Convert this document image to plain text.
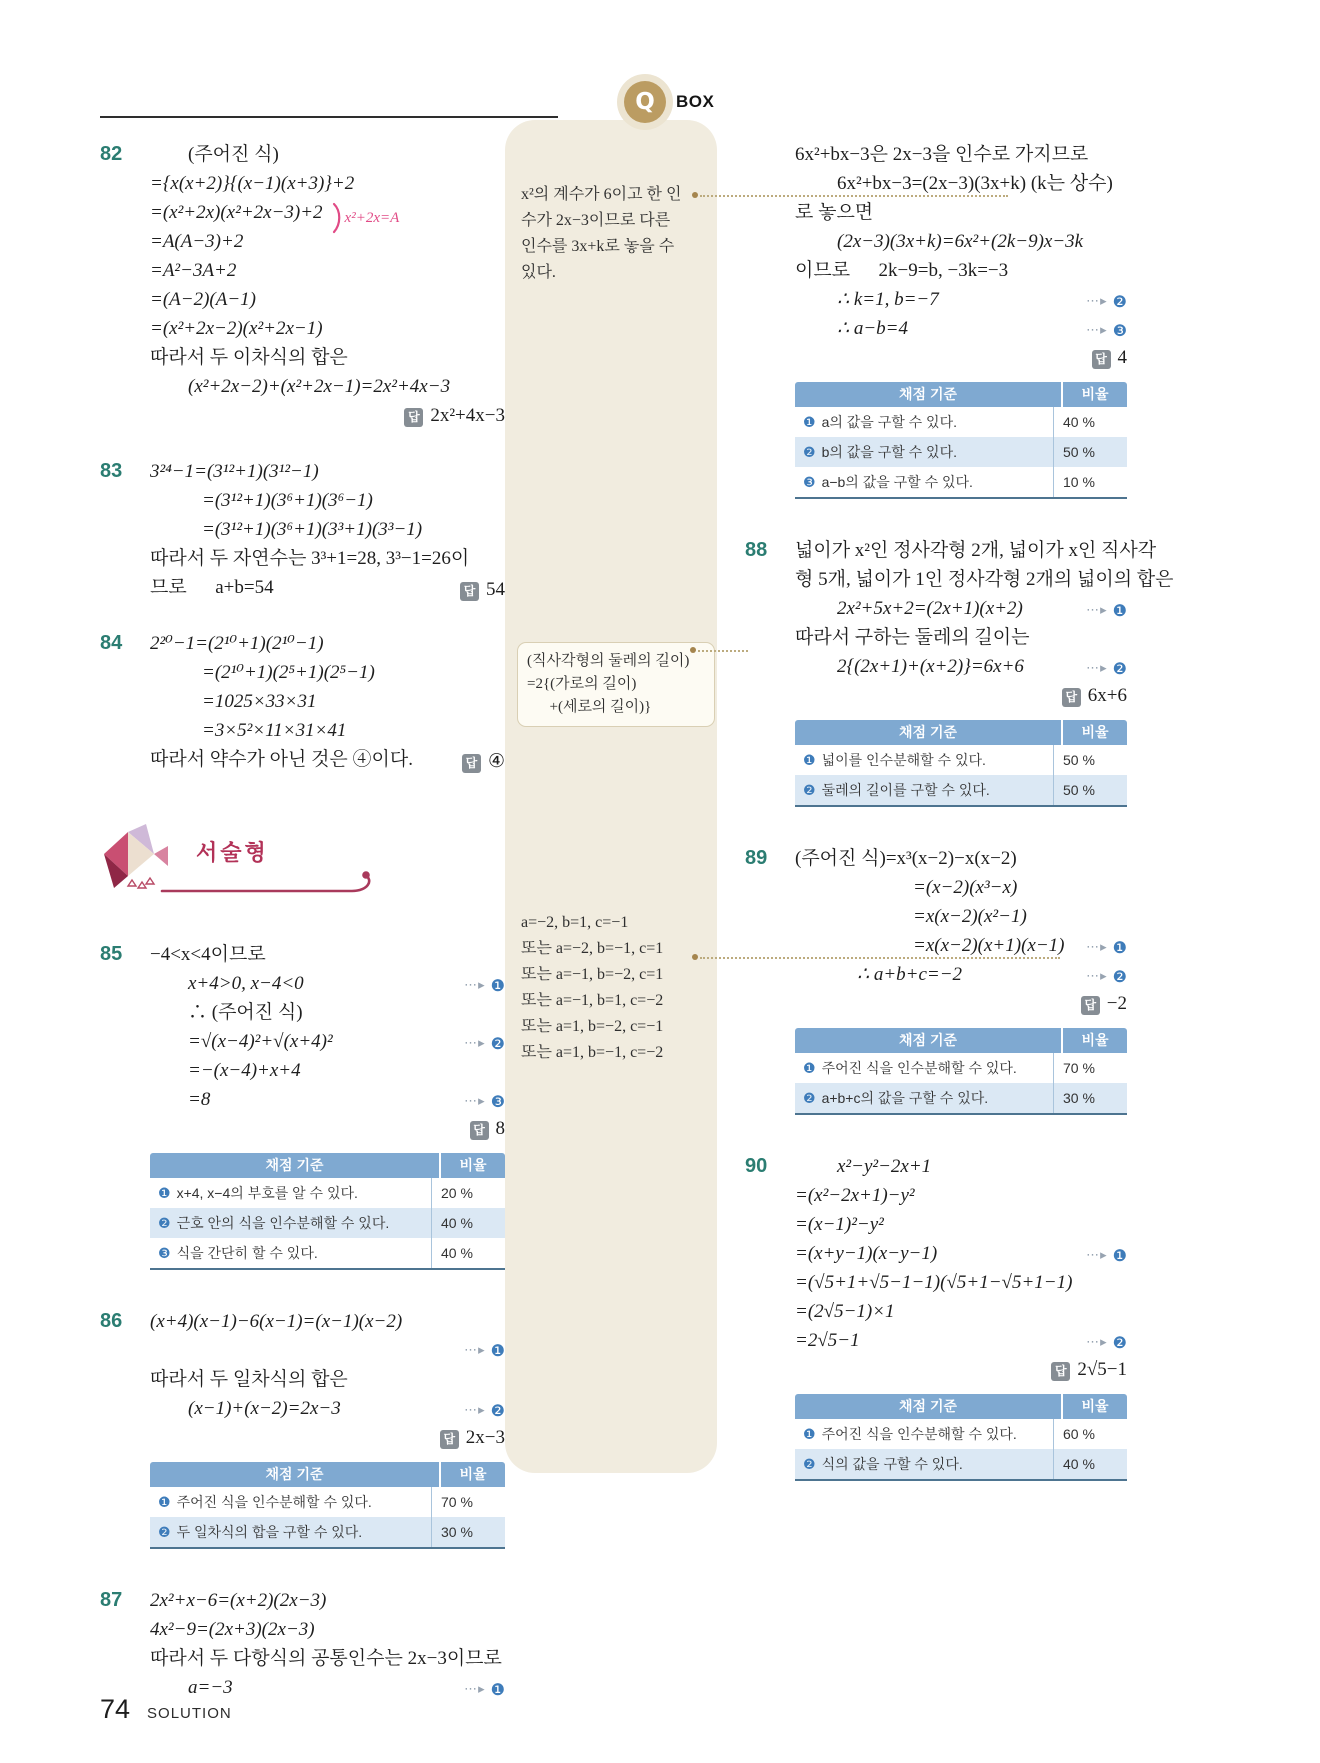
x²의 계수가 6이고 한 인
수가 2x−3이므로 다른
인수를 3x+k로 놓을 수
있다.
(직사각형의 둘레의 길이)
=2{(가로의 길이)
+(세로의 길이)}
a=−2, b=1, c=−1
또는 a=−2, b=−1, c=1
또는 a=−1, b=−2, c=1
또는 a=−1, b=1, c=−2
또는 a=1, b=−2, c=−1
또는 a=1, b=−1, c=−2
Q BOX
82	(주어진 식)
={x(x+2)}{(x−1)(x+3)}+2
=(x²+2x)(x²+2x−3)+2
=A(A−3)+2
=A²−3A+2
=(A−2)(A−1)
=(x²+2x−2)(x²+2x−1)
따라서 두 이차식의 합은
(x²+2x−2)+(x²+2x−1)=2x²+4x−3
답 2x²+4x−3
83	3²⁴−1=(3¹²+1)(3¹²−1)
=(3¹²+1)(3⁶+1)(3⁶−1)
=(3¹²+1)(3⁶+1)(3³+1)(3³−1)
따라서 두 자연수는 3³+1=28, 3³−1=26이
므로      a+b=54	답 54
84	2²⁰−1=(2¹⁰+1)(2¹⁰−1)
=(2¹⁰+1)(2⁵+1)(2⁵−1)
=1025×33×31
=3×5²×11×31×41
따라서 약수가 아닌 것은 ④이다.	답 ④
서술형
85	−4<x<4이므로
x+4>0, x−4<0	⋯▸ ❶
∴ (주어진 식)
=√(x−4)²+√(x+4)²	⋯▸ ❷
=−(x−4)+x+4
=8	⋯▸ ❸
답 8
채점 기준	비율
❶ x+4, x−4의 부호를 알 수 있다.	20 %
❷ 근호 안의 식을 인수분해할 수 있다.	40 %
❸ 식을 간단히 할 수 있다.	40 %
86	(x+4)(x−1)−6(x−1)=(x−1)(x−2)
⋯▸ ❶
따라서 두 일차식의 합은
(x−1)+(x−2)=2x−3	⋯▸ ❷
답 2x−3
채점 기준	비율
❶ 주어진 식을 인수분해할 수 있다.	70 %
❷ 두 일차식의 합을 구할 수 있다.	30 %
87	2x²+x−6=(x+2)(2x−3)
4x²−9=(2x+3)(2x−3)
따라서 두 다항식의 공통인수는 2x−3이므로
a=−3	⋯▸ ❶
6x²+bx−3은 2x−3을 인수로 가지므로
6x²+bx−3=(2x−3)(3x+k) (k는 상수)
로 놓으면
(2x−3)(3x+k)=6x²+(2k−9)x−3k
이므로      2k−9=b, −3k=−3
∴ k=1, b=−7	⋯▸ ❷
∴ a−b=4	⋯▸ ❸
답 4
채점 기준	비율
❶ a의 값을 구할 수 있다.	40 %
❷ b의 값을 구할 수 있다.	50 %
❸ a−b의 값을 구할 수 있다.	10 %
88	넓이가 x²인 정사각형 2개, 넓이가 x인 직사각
형 5개, 넓이가 1인 정사각형 2개의 넓이의 합은
2x²+5x+2=(2x+1)(x+2)	⋯▸ ❶
따라서 구하는 둘레의 길이는
2{(2x+1)+(x+2)}=6x+6	⋯▸ ❷
답 6x+6
채점 기준	비율
❶ 넓이를 인수분해할 수 있다.	50 %
❷ 둘레의 길이를 구할 수 있다.	50 %
89	(주어진 식)=x³(x−2)−x(x−2)
=(x−2)(x³−x)
=x(x−2)(x²−1)
=x(x−2)(x+1)(x−1) ⋯▸ ❶
∴ a+b+c=−2	⋯▸ ❷
답 −2
채점 기준	비율
❶ 주어진 식을 인수분해할 수 있다.	70 %
❷ a+b+c의 값을 구할 수 있다.	30 %
90	x²−y²−2x+1
=(x²−2x+1)−y²
=(x−1)²−y²
=(x+y−1)(x−y−1)	⋯▸ ❶
=(√5+1+√5−1−1)(√5+1−√5+1−1)
=(2√5−1)×1
=2√5−1	⋯▸ ❷
답 2√5−1
채점 기준	비율
❶ 주어진 식을 인수분해할 수 있다.	60 %
❷ 식의 값을 구할 수 있다.	40 %
x²+2x=A
74 SOLUTION
